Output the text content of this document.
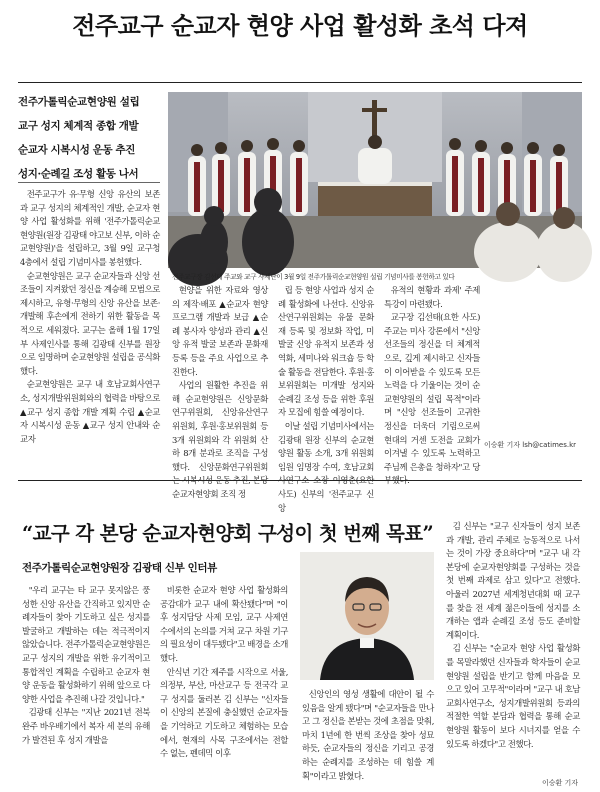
전주교구 순교자 현양 사업 활성화 초석 다져
전주가톨릭순교현양원 설립
교구 성지 체계적 종합 개발
순교자 시복시성 운동 추진
성지·순례길 조성 활동 나서

전주교구가 유·무형 신앙 유산의 보존과 교구 성지의 체계적인 개발, 순교자 현양 사업 활성화를 위해 '전주가톨릭순교현양원(원장 김광태 야고보 신부, 이하 순교현양원)'을 설립하고, 3월 9일 교구청 4층에서 설립 기념미사를 봉헌했다.

순교현양원은 교구 순교자들과 신앙 선조들이 지켜왔던 정신을 계승해 모범으로 제시하고, 유형·무형의 신앙 유산을 보존·개발해 후손에게 전하기 위한 활동을 목적으로 세워졌다. 교구는 올해 1월 17일 부 사제인사를 통해 김광태 신부를 원장으로 임명하며 순교현양원 설립을 공식화했다.

순교현양원은 교구 내 호남교회사연구소, 성지개발위원회와의 협력을 바탕으로 ▲교구 성지 종합 개발 계획 수립 ▲순교자 시복시성 운동 ▲교구 성지 안내와 순교자

전주교구장 김선태 주교와 교구 사제단이 3월 9일 전주가톨릭순교현양원 설립 기념미사를 봉헌하고 있다

현양을 위한 자료와 영상의 제작·배포 ▲순교자 현양 프로그램 개발과 보급 ▲순례 봉사자 양성과 관리 ▲신앙 유적 발굴 보존과 문화재 등록 등을 주요 사업으로 추진한다.

사업의 원활한 추진을 위해 순교현양원은 신앙문화연구위원회, 신앙유산연구위원회, 후원·홍보위원회 등 3개 위원회와 각 위원회 산하 8개 분과로 조직을 구성했다. 신앙문화연구위원회는 시복시성 운동 추진, 본당 순교자현양회 조직 정

립 등 현양 사업과 성지 순례 활성화에 나선다. 신앙유산연구위원회는 유물 문화재 등록 및 정보화 작업, 미발굴 신앙 유적지 보존과 성역화, 세미나와 워크숍 등 학술 활동을 전담한다. 후원·홍보위원회는 미개발 성지와 순례길 조성 등을 위한 후원자 모집에 힘쓸 예정이다.

이날 설립 기념미사에서는 김광태 원장 신부의 순교현양원 활동 소개, 3개 위원회 임원 임명장 수여, 호남교회사연구소 소장 이영춘(요한 사도) 신부의 '전주교구 신앙

유적의 현황과 과제' 주제 특강이 마련됐다.

교구장 김선태(요한 사도) 주교는 미사 강론에서 "신앙 선조들의 정신을 더 체계적으로, 깊게 제시하고 신자들이 이어받을 수 있도록 모든 노력을 다 기울이는 것이 순교현양원의 설립 목적"이라며 "신앙 선조들이 고귀한 정신을 더욱더 기림으로써 현대의 거센 도전을 교회가 이겨낼 수 있도록 노력하고 주님께 은총을 청하자"고 당부했다.

이승환 기자 lsh@catimes.kr
“교구 각 본당 순교자현양회 구성이 첫 번째 목표”
전주가톨릭순교현양원장 김광태 신부 인터뷰

"우리 교구는 타 교구 못지않은 풍성한 신앙 유산을 간직하고 있지만 순례자들이 찾아 기도하고 싶은 성지를 발굴하고 개발하는 데는 적극적이지 않았습니다. 전주가톨릭순교현양원은 교구 성지의 개발을 위한 유기적이고 통합적인 계획을 수립하고 순교자 현양 운동을 활성화하기 위해 앞으로 다양한 사업을 추진해 나갈 것입니다."

김광태 신부는 "지난 2021년 전북 완주 바우배기에서 복자 세 분의 유해가 발견된 후 성지 개발을

비롯한 순교자 현양 사업 활성화의 공감대가 교구 내에 확산됐다"며 "이후 성지담당 사제 모임, 교구 사제연수에서의 논의를 거쳐 교구 차원 기구의 필요성이 대두됐다"고 배경을 소개했다.

안식년 기간 제주를 시작으로 서울, 의정부, 부산, 마산교구 등 전국각 교구 성지를 둘러본 김 신부는 "신자들이 신앙의 본질에 충실했던 순교자들을 기억하고 기도하고 체험하는 모습에서, 현재의 사목 구조에서는 전할 수 없는, 펜데믹 이후

신앙인의 영성 생활에 대안이 될 수 있음을 알게 됐다"며 "순교자들을 만나고 그 정신을 본받는 것에 초점을 맞춰, 마치 1년에 한 번씩 조상을 찾아 성묘하듯, 순교자들의 정신을 기리고 공경하는 순례지를 조성하는 데 힘쓸 계획"이라고 밝혔다.

김 신부는 "교구 신자들이 성지 보존과 개발, 관리 주체로 능동적으로 나서는 것이 가장 중요하다"며 "교구 내 각 본당에 순교자현양회를 구성하는 것을 첫 번째 과제로 삼고 있다"고 전했다. 아울러 2027년 세계청년대회 때 교구를 찾을 전 세계 젊은이들에 성지를 소개하는 앱과 순례길 조성 등도 준비할 계획이다.

김 신부는 "순교자 현양 사업 활성화를 목말라했던 신자들과 학자들이 순교현양원 설립을 반기고 함께 마음을 모으고 있어 고무적"이라며 "교구 내 호남교회사연구소, 성지개발위원회 등과의 적절한 역할 분담과 협력을 통해 순교현양원 활동이 보다 시너지를 얻을 수 있도록 하겠다"고 전했다.

이승환 기자
